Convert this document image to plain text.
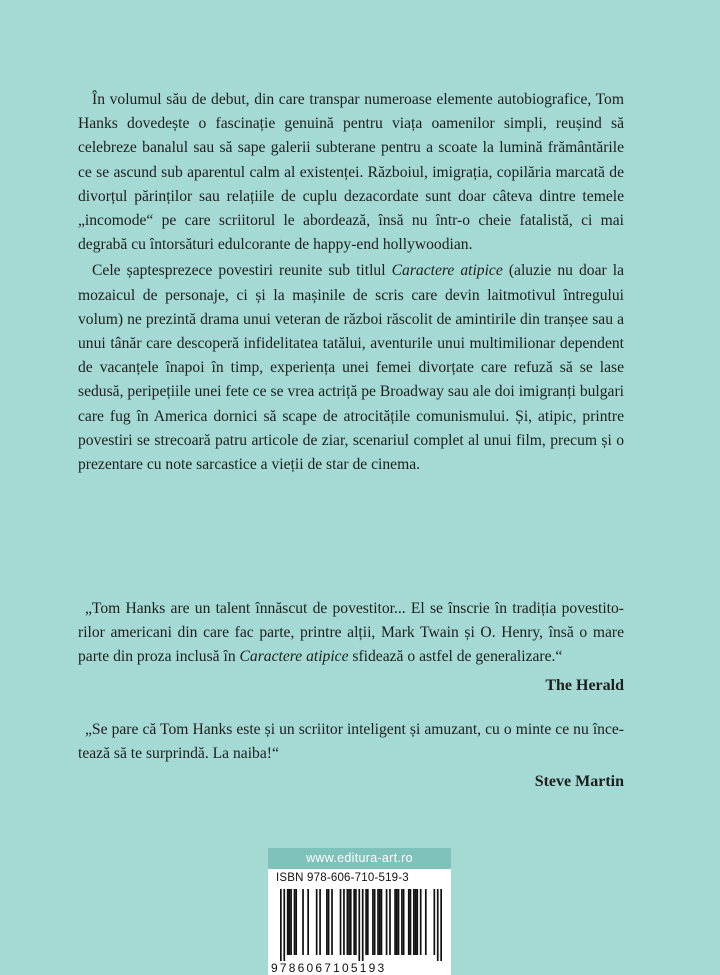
În volumul său de debut, din care transpar numeroase elemente autobiografice, Tom Hanks dovedește o fascinație genuină pentru viața oamenilor simpli, reușind să celebreze banalul sau să sape galerii subterane pentru a scoate la lumină frământările ce se ascund sub aparentul calm al existenței. Războiul, imigrația, copilăria marcată de divorțul părinților sau relațiile de cuplu dezacordate sunt doar câteva dintre temele „incomode“ pe care scriitorul le abordează, însă nu într-o cheie fatalistă, ci mai degrabă cu întorsături edulcorante de happy-end hollywoodian.

Cele șaptesprezece povestiri reunite sub titlul Caractere atipice (aluzie nu doar la mozaicul de personaje, ci și la mașinile de scris care devin laitmotivul întregului volum) ne prezintă drama unui veteran de război răscolit de amintirile din tranșee sau a unui tânăr care descoperă infidelitatea tatălui, aventurile unui multimilionar dependent de vacanțele înapoi în timp, experiența unei femei divorțate care refuză să se lase sedusă, peripețiile unei fete ce se vrea actriță pe Broadway sau ale doi imigranți bulgari care fug în America dornici să scape de atrocitățile comunismului. Și, atipic, printre povestiri se strecoară patru articole de ziar, scenariul complet al unui film, precum și o prezentare cu note sarcastice a vieții de star de cinema.

„Tom Hanks are un talent înnăscut de povestitor... El se înscrie în tradiția povestitorilor americani din care fac parte, printre alții, Mark Twain și O. Henry, însă o mare parte din proza inclusă în Caractere atipice sfidează o astfel de generalizare.“

The Herald

„Se pare că Tom Hanks este și un scriitor inteligent și amuzant, cu o minte ce nu încetează să te surprindă. La naiba!“

Steve Martin
www.editura-art.ro
ISBN 978-606-710-519-3
9786067105193
